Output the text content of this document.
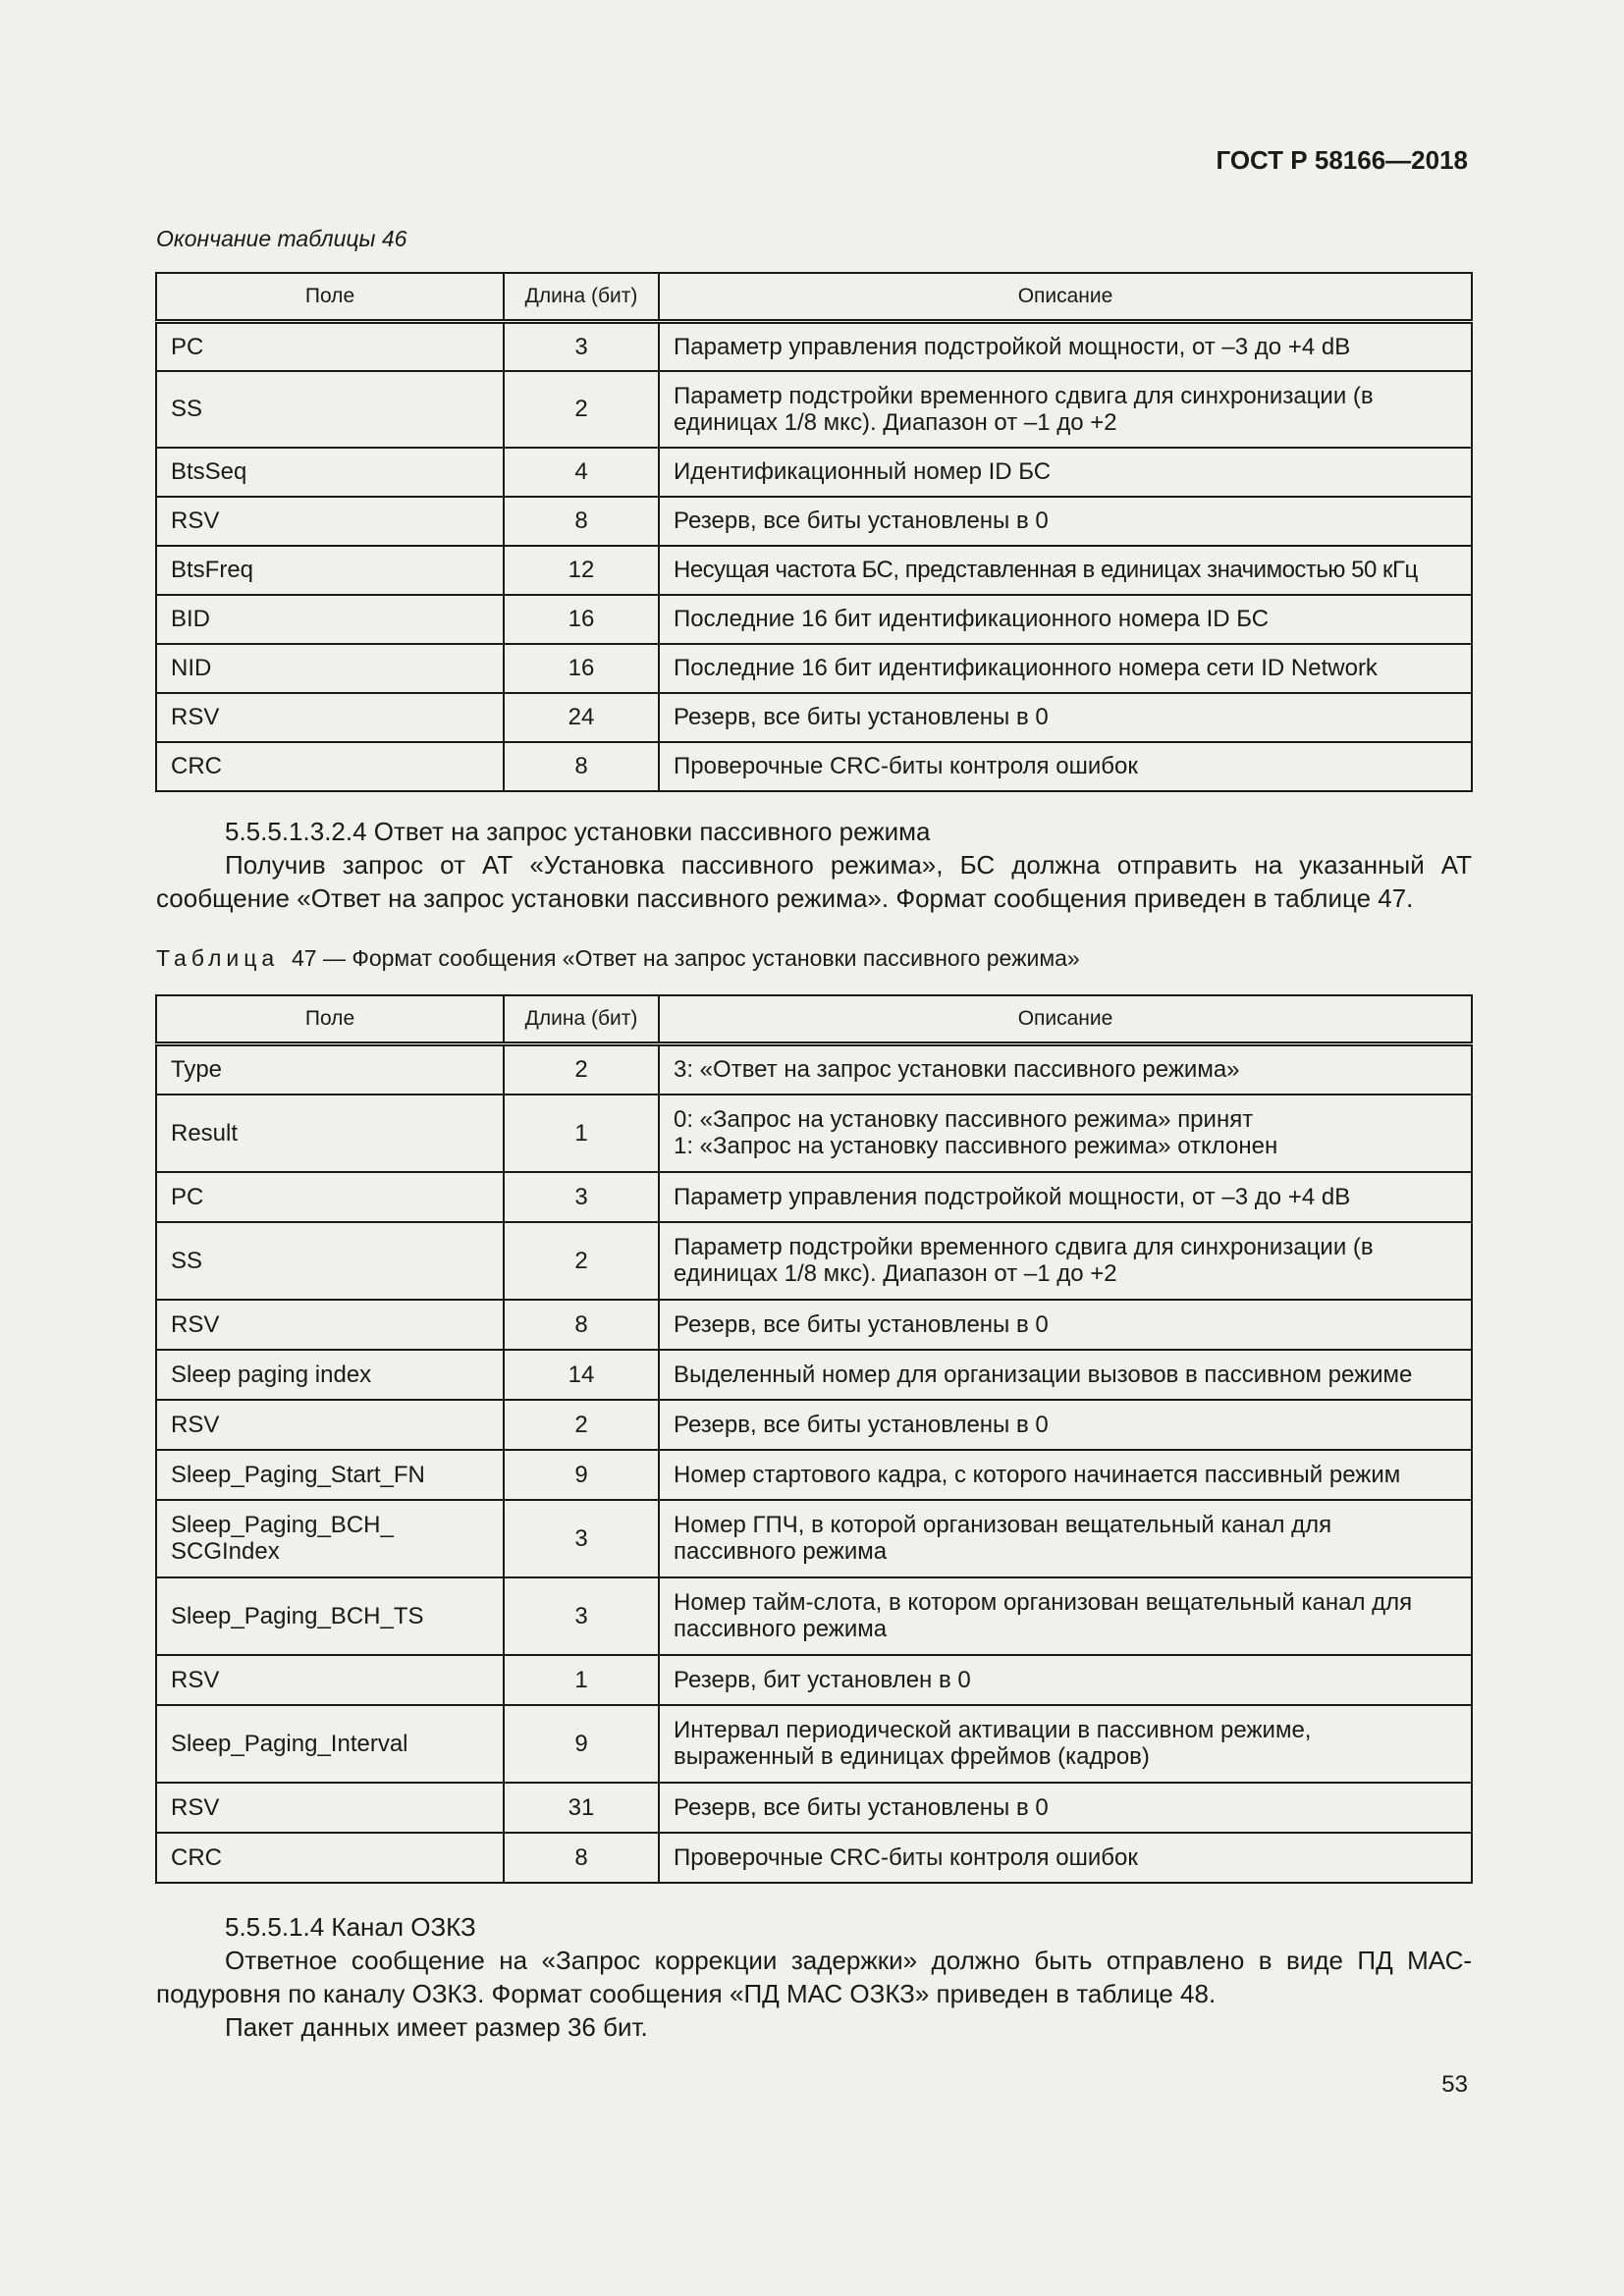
ГОСТ Р 58166—2018
Окончание таблицы 46
Поле	Длина (бит)	Описание
PC	3	Параметр управления подстройкой мощности, от –3 до +4 dB
SS	2	Параметр подстройки временного сдвига для синхронизации (в единицах 1/8 мкс). Диапазон от –1 до +2
BtsSeq	4	Идентификационный номер ID БС
RSV	8	Резерв, все биты установлены в 0
BtsFreq	12	Несущая частота БС, представленная в единицах значимостью 50 кГц
BID	16	Последние 16 бит идентификационного номера ID БС
NID	16	Последние 16 бит идентификационного номера сети ID Network
RSV	24	Резерв, все биты установлены в 0
CRC	8	Проверочные CRC-биты контроля ошибок

5.5.5.1.3.2.4 Ответ на запрос установки пассивного режима

Получив запрос от АТ «Установка пассивного режима», БС должна отправить на указанный АТ сообщение «Ответ на запрос установки пассивного режима». Формат сообщения приведен в таблице 47.

Таблица 47 — Формат сообщения «Ответ на запрос установки пассивного режима»
Поле	Длина (бит)	Описание
Type	2	3: «Ответ на запрос установки пассивного режима»
Result	1	0: «Запрос на установку пассивного режима» принят
1: «Запрос на установку пассивного режима» отклонен

PC	3	Параметр управления подстройкой мощности, от –3 до +4 dB
SS	2	Параметр подстройки временного сдвига для синхронизации (в единицах 1/8 мкс). Диапазон от –1 до +2
RSV	8	Резерв, все биты установлены в 0
Sleep paging index	14	Выделенный номер для организации вызовов в пассивном режиме
RSV	2	Резерв, все биты установлены в 0
Sleep_Paging_Start_FN	9	Номер стартового кадра, с которого начинается пассивный режим

Sleep_Paging_BCH_
SCGIndex	3	Номер ГПЧ, в которой организован вещательный канал для пассивного режима
Sleep_Paging_BCH_TS	3	Номер тайм-слота, в котором организован вещательный канал для пассивного режима
RSV	1	Резерв, бит установлен в 0
Sleep_Paging_Interval	9	Интервал периодической активации в пассивном режиме, выраженный в единицах фреймов (кадров)
RSV	31	Резерв, все биты установлены в 0
CRC	8	Проверочные CRC-биты контроля ошибок

5.5.5.1.4 Канал ОЗКЗ

Ответное сообщение на «Запрос коррекции задержки» должно быть отправлено в виде ПД МАС-подуровня по каналу ОЗКЗ. Формат сообщения «ПД МАС ОЗКЗ» приведен в таблице 48.

Пакет данных имеет размер 36 бит.

53
